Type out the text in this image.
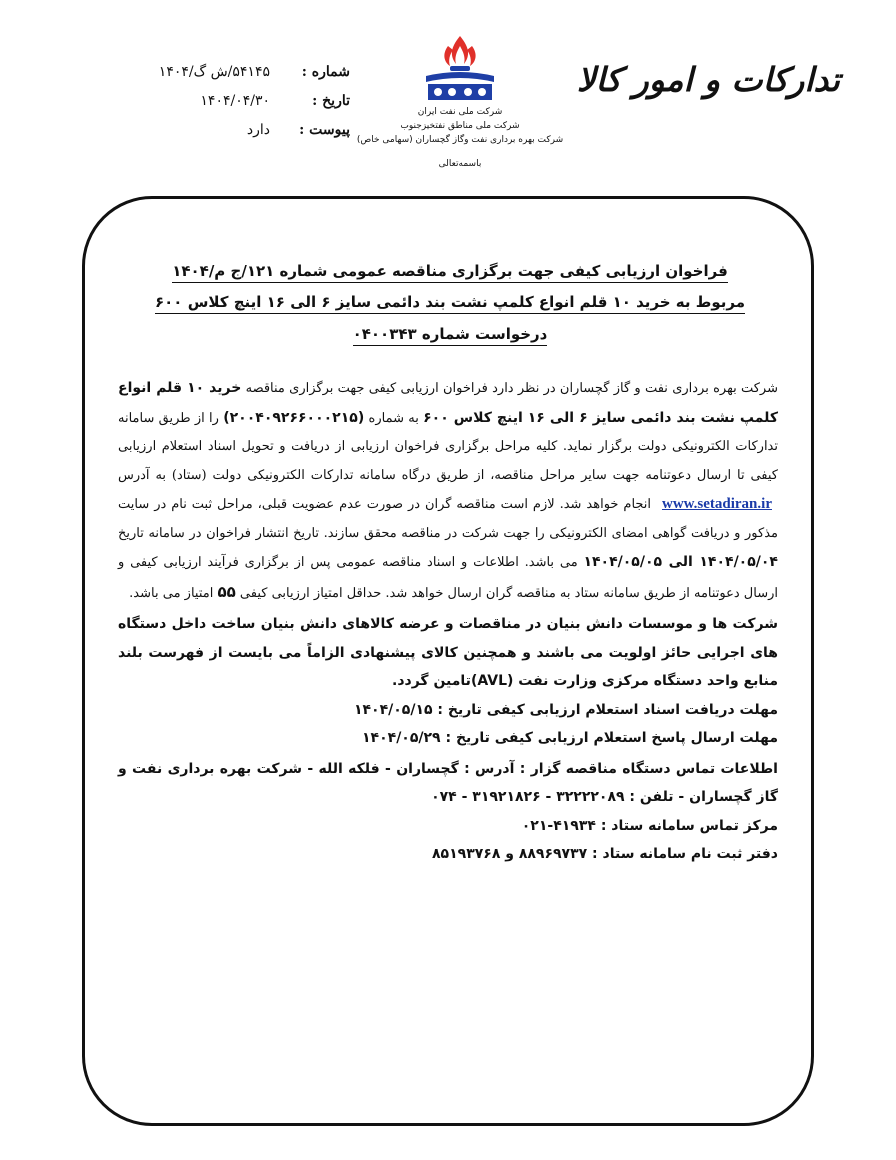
شماره :
۵۴۱۴۵/ش گ/۱۴۰۴
تاریخ :
۱۴۰۴/۰۴/۳۰
پیوست :
دارد
شرکت ملی نفت ایران
شرکت ملی مناطق نفتخیزجنوب
شرکت بهره برداری نفت وگاز گچساران (سهامی خاص)
باسمه‌تعالی
تدارکات و امور کالا
فراخوان ارزیابی کیفی جهت برگزاری مناقصه عمومی شماره ۱۲۱/ج م/۱۴۰۴
مربوط به خرید ۱۰ قلم انواع کلمپ نشت بند دائمی سایز ۶ الی ۱۶ اینچ کلاس ۶۰۰
درخواست شماره ۰۴۰۰۳۴۳
شرکت بهره برداری نفت و گاز گچساران در نظر دارد فراخوان ارزیابی کیفی جهت برگزاری مناقصه خرید ۱۰ قلم انواع کلمپ نشت بند دائمی سایز ۶ الی ۱۶ اینچ کلاس ۶۰۰ به شماره (۲۰۰۴۰۹۲۶۶۰۰۰۲۱۵) را از طریق سامانه تدارکات الکترونیکی دولت برگزار نماید. کلیه مراحل برگزاری فراخوان ارزیابی از دریافت و تحویل اسناد استعلام ارزیابی کیفی تا ارسال دعوتنامه جهت سایر مراحل مناقصه، از طریق درگاه سامانه تدارکات الکترونیکی دولت (ستاد) به آدرس www.setadiran.ir انجام خواهد شد. لازم است مناقصه گران در صورت عدم عضویت قبلی، مراحل ثبت نام در سایت مذکور و دریافت گواهی امضای الکترونیکی را جهت شرکت در مناقصه محقق سازند. تاریخ انتشار فراخوان در سامانه تاریخ ۱۴۰۴/۰۵/۰۴ الی ۱۴۰۴/۰۵/۰۵ می باشد. اطلاعات و اسناد مناقصه عمومی پس از برگزاری فرآیند ارزیابی کیفی و ارسال دعوتنامه از طریق سامانه ستاد به مناقصه گران ارسال خواهد شد. حداقل امتیاز ارزیابی کیفی ۵۵ امتیاز می باشد.
شرکت ها و موسسات دانش بنیان در مناقصات و عرضه کالاهای دانش بنیان ساخت داخل دستگاه های اجرایی حائز اولویت می باشند و همچنین کالای پیشنهادی الزاماً می بایست از فهرست بلند منابع واحد دستگاه مرکزی وزارت نفت (AVL)تامین گردد.
مهلت دریافت اسناد استعلام ارزیابی کیفی تاریخ : ۱۴۰۴/۰۵/۱۵
مهلت ارسال پاسخ استعلام ارزیابی کیفی تاریخ : ۱۴۰۴/۰۵/۲۹
اطلاعات تماس دستگاه مناقصه گزار : آدرس : گچساران - فلکه الله - شرکت بهره برداری نفت و گاز گچساران - تلفن : ۳۲۲۲۲۰۸۹ - ۳۱۹۲۱۸۲۶ - ۰۷۴
مرکز تماس سامانه ستاد : ۴۱۹۳۴-۰۲۱
دفتر ثبت نام سامانه ستاد : ۸۸۹۶۹۷۳۷ و ۸۵۱۹۳۷۶۸
